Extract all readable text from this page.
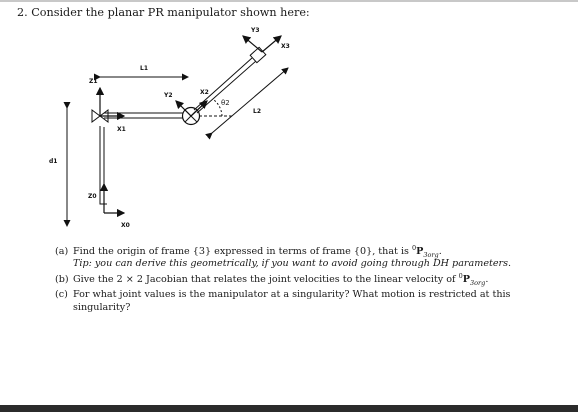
2. Consider the planar PR manipulator shown here:
d1
Z0
X0
Z1
X1
L1
Y2	X2
θ2
L2
Y3
X3
(a) Find the origin of frame {3} expressed in terms of frame {0}, that is $^0P_{3org}$.
Tip: you can derive this geometrically, if you want to avoid going through DH parameters.
(b) Give the 2 × 2 Jacobian that relates the joint velocities to the linear velocity of $^0P_{3org}$.
(c) For what joint values is the manipulator at a singularity? What motion is restricted at this singularity?
